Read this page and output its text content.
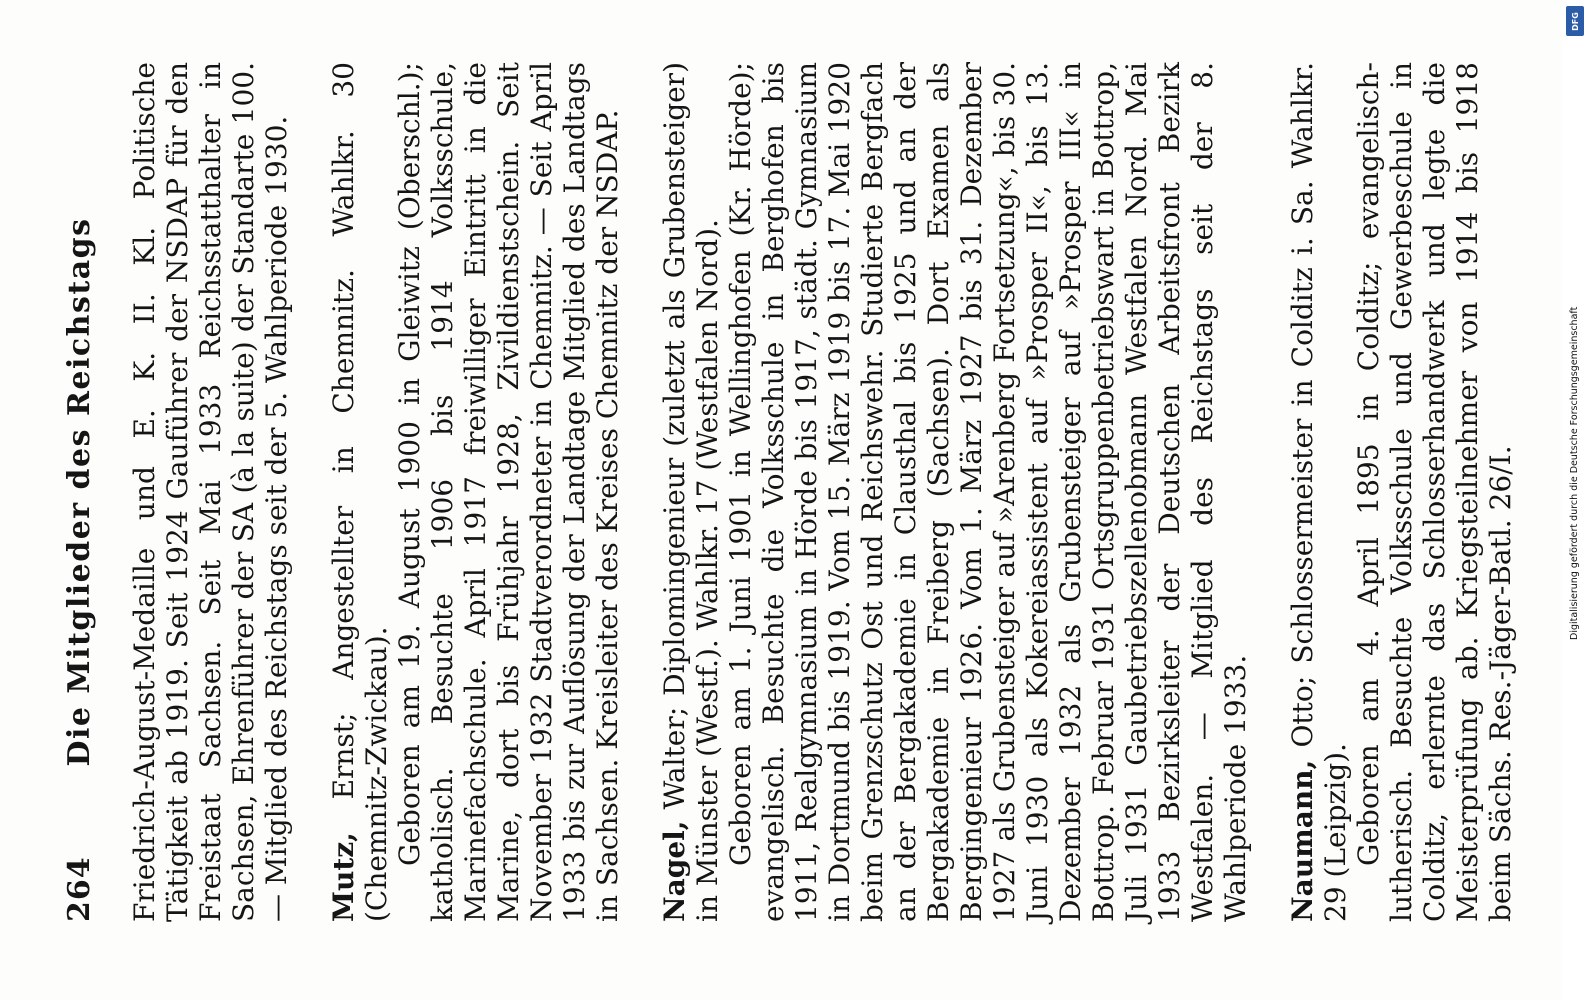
264
Die Mitglieder des Reichstags Friedrich-August-Medaille und E. K. II. Kl. Politische Tätigkeit ab 1919. Seit 1924 Gauführer der NSDAP für den Freistaat Sachsen. Seit Mai 1933 Reichsstatthalter in Sachsen, Ehrenführer der SA (à la suite) der Standarte 100. — Mitglied des Reichstags seit der 5. Wahlperiode 1930. Mutz, Ernst; Angestellter in Chemnitz. Wahlkr. 30 (Chemnitz-Zwickau). Geboren am 19. August 1900 in Gleiwitz (Oberschl.); katholisch. Besuchte 1906 bis 1914 Volksschule, Marinefachschule. April 1917 freiwilliger Eintritt in die Marine, dort bis Frühjahr 1928, Zivildienstschein. Seit November 1932 Stadtverordneter in Chemnitz. — Seit April 1933 bis zur Auflösung der Landtage Mitglied des Landtags in Sachsen. Kreisleiter des Kreises Chemnitz der NSDAP. Nagel, Walter; Diplomingenieur (zuletzt als Grubensteiger) in Münster (Westf.). Wahlkr. 17 (Westfalen Nord). Geboren am 1. Juni 1901 in Wellinghofen (Kr. Hörde); evangelisch. Besuchte die Volksschule in Berghofen bis 1911, Realgymnasium in Hörde bis 1917, städt. Gymnasium in Dortmund bis 1919. Vom 15. März 1919 bis 17. Mai 1920 beim Grenzschutz Ost und Reichswehr. Studierte Bergfach an der Bergakademie in Clausthal bis 1925 und an der Bergakademie in Freiberg (Sachsen). Dort Examen als Bergingenieur 1926. Vom 1. März 1927 bis 31. Dezember 1927 als Grubensteiger auf »Arenberg Fortsetzung«, bis 30. Juni 1930 als Kokereiassistent auf »Prosper II«, bis 13. Dezember 1932 als Grubensteiger auf »Prosper III« in Bottrop. Februar 1931 Ortsgruppenbetriebswart in Bottrop, Juli 1931 Gaubetriebszellenobmann Westfalen Nord. Mai 1933 Bezirksleiter der Deutschen Arbeitsfront Bezirk Westfalen. — Mitglied des Reichstags seit der 8. Wahlperiode 1933. Naumann, Otto; Schlossermeister in Colditz i. Sa. Wahlkr. 29 (Leipzig). Geboren am 4. April 1895 in Colditz; evangelisch-lutherisch. Besuchte Volksschule und Gewerbeschule in Colditz, erlernte das Schlosserhandwerk und legte die Meisterprüfung ab. Kriegsteilnehmer von 1914 bis 1918 beim Sächs. Res.-Jäger-Batl. 26/I.

DFG
Digitalisierung gefördert durch die Deutsche Forschungsgemeinschaft
